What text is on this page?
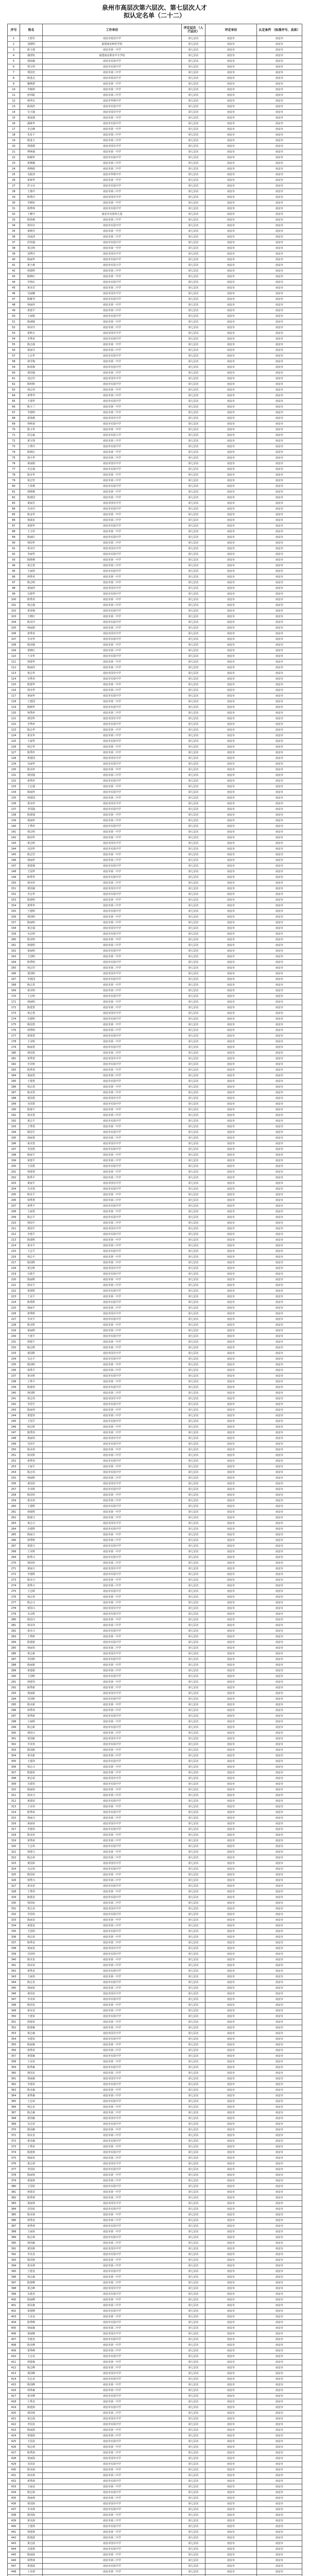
泉州市高层次第六层次、第七层次人才
拟认定名单（二十二）
序号	姓名	工作单位	评定层次 （人才层次）	评定单位	认定条件 （标准序号、具体）
1	王煌军	南安市霞美中学	第七层次	南安市	南安市
2	刘德明	福建南安师范学校	第七层次	南安市	南安市
3	陈文瑞	南安市第一中学	第七层次	南安市	南安市
4	潘清钦	福建南安职业中专学校	第七层次	南安市	南安市
5	郭雨森	南安市实验中学	第七层次	南安市	南安市
6	郑文仲	南安市实验中学	第七层次	南安市	南安市
7	郑国光	南安市第三中学	第七层次	南安市	南安市
8	陈进志	南安市霞美中学	第七层次	南安市	南安市
9	戴燕群	南安市第一中学	第七层次	南安市	南安市
10	李佩琪	南安市第二中学	第七层次	南安市	南安市
11	唐伟聪	南安市第三中学	第七层次	南安市	南安市
12	杨华忠	南安市华侨中学	第七层次	南安市	南安市
13	陈海洪	南安市实验中学	第七层次	南安市	南安市
14	吴玉瑜	南安市国专中学	第七层次	南安市	南安市
15	黄庭瑞	南安市第一中学	第七层次	南安市	南安市
16	潘素华	南安市实验中学	第七层次	南安市	南安市
17	李志峰	南安市第一中学	第七层次	南安市	南安市
18	朱星平	南安市第三中学	第七层次	南安市	南安市
19	陈进玉	南安市第三中学	第七层次	南安市	南安市
20	郑建德	南安市国专中学	第七层次	南安市	南安市
21	傅素瑜	南安市第一中学	第七层次	南安市	南安市
22	陈佩华	南安市实验中学	第七层次	南安市	南安市
23	黄燕娥	南安市第三中学	第七层次	南安市	南安市
24	林梅娟	南安市第二中学	第七层次	南安市	南安市
25	吴振清	南安市华侨中学	第七层次	南安市	南安市
26	黄素华	南安市第一中学	第七层次	南安市	南安市
27	洪文亮	南安市实验中学	第七层次	南安市	南安市
28	王惠玲	南安市第三中学	第七层次	南安市	南安市
29	陈秀玲	南安市国专中学	第七层次	南安市	南安市
30	李婉如	南安市第一中学	第七层次	南安市	南安市
31	杨秀珠	南安市实验中学	第七层次	南安市	南安市
32	王雅玲	南安市实验幼儿园	第七层次	南安市	南安市
33	陈海燕	南安市第三中学	第七层次	南安市	南安市
34	林佳仪	南安市实验中学	第七层次	南安市	南安市
35	黄晓丹	南安市第一中学	第七层次	南安市	南安市
36	苏丽清	南安市第二中学	第七层次	南安市	南安市
37	洪伟强	南安市实验中学	第七层次	南安市	南安市
38	黄志明	南安市第一中学	第七层次	南安市	南安市
39	刘秀玲	南安市国专中学	第七层次	南安市	南安市
40	陈丽华	南安市实验中学	第七层次	南安市	南安市
41	黄小燕	南安市实验小学	第七层次	南安市	南安市
42	林建辉	南安市第三中学	第七层次	南安市	南安市
43	陈晓红	南安市第一中学	第七层次	南安市	南安市
44	李艳红	南安市实验中学	第七层次	南安市	南安市
45	黄美芳	南安市第二中学	第七层次	南安市	南安市
46	吴丽娜	南安市国专中学	第七层次	南安市	南安市
47	陈雅琴	南安市实验中学	第七层次	南安市	南安市
48	林丽萍	南安市第一中学	第七层次	南安市	南安市
49	黄建平	南安市第三中学	第七层次	南安市	南安市
50	王丽娟	南安市实验中学	第七层次	南安市	南安市
51	陈淑敏	南安市第一中学	第七层次	南安市	南安市
52	林美玲	南安市第二中学	第七层次	南安市	南安市
53	黄秋月	南安市国专中学	第七层次	南安市	南安市
54	李秀英	南安市实验中学	第七层次	南安市	南安市
55	陈志强	南安市第一中学	第七层次	南安市	南安市
56	黄丽芬	南安市第三中学	第七层次	南安市	南安市
57	王志华	南安市实验中学	第七层次	南安市	南安市
58	林雪梅	南安市第一中学	第七层次	南安市	南安市
59	陈春梅	南安市实验中学	第七层次	南安市	南安市
60	黄国强	南安市第二中学	第七层次	南安市	南安市
61	刘志坚	南安市国专中学	第七层次	南安市	南安市
62	陈明辉	南安市实验中学	第七层次	南安市	南安市
63	林志伟	南安市第一中学	第七层次	南安市	南安市
64	黄秀琴	南安市第三中学	第七层次	南安市	南安市
65	王建华	南安市实验中学	第七层次	南安市	南安市
66	陈玉兰	南安市第一中学	第七层次	南安市	南安市
67	李建明	南安市第二中学	第七层次	南安市	南安市
68	黄海燕	南安市国专中学	第七层次	南安市	南安市
69	林秋菊	南安市实验中学	第七层次	南安市	南安市
70	陈文华	南安市第一中学	第七层次	南安市	南安市
71	洪志斌	南安市实验小学	第七层次	南安市	南安市
72	黄宝珠	南安市第三中学	第七层次	南安市	南安市
73	王秀玲	南安市实验中学	第七层次	南安市	南安市
74	陈秋红	南安市第一中学	第七层次	南安市	南安市
75	林少华	南安市第二中学	第七层次	南安市	南安市
76	黄丽娟	南安市国专中学	第七层次	南安市	南安市
77	李志强	南安市实验中学	第七层次	南安市	南安市
78	陈美华	南安市第一中学	第七层次	南安市	南安市
79	黄志坚	南安市第三中学	第七层次	南安市	南安市
80	王春燕	南安市实验中学	第七层次	南安市	南安市
81	林晓燕	南安市第一中学	第七层次	南安市	南安市
82	陈建国	南安市第二中学	第七层次	南安市	南安市
83	黄丽芳	南安市国专中学	第七层次	南安市	南安市
84	吴美玲	南安市实验中学	第七层次	南安市	南安市
85	陈金华	南安市第一中学	第七层次	南安市	南安市
86	林淑贞	南安市第三中学	第七层次	南安市	南安市
87	黄建华	南安市实验中学	第七层次	南安市	南安市
88	王玉珍	南安市第一中学	第七层次	南安市	南安市
89	陈丽红	南安市实验中学	第七层次	南安市	南安市
90	林国华	南安市第二中学	第七层次	南安市	南安市
91	黄美玲	南安市国专中学	第七层次	南安市	南安市
92	李丽华	南安市实验中学	第七层次	南安市	南安市
93	陈晓燕	南安市第一中学	第七层次	南安市	南安市
94	黄志勇	南安市第三中学	第七层次	南安市	南安市
95	王丽萍	南安市实验中学	第七层次	南安市	南安市
96	林秀英	南安市第一中学	第七层次	南安市	南安市
97	陈志明	南安市第二中学	第七层次	南安市	南安市
98	黄丽萍	南安市国专中学	第七层次	南安市	南安市
99	吴建华	南安市实验中学	第七层次	南安市	南安市
100	陈秀英	南安市第一中学	第七层次	南安市	南安市
101	林志强	南安市第三中学	第七层次	南安市	南安市
102	黄春梅	南安市实验中学	第七层次	南安市	南安市
103	王晓红	南安市第一中学	第七层次	南安市	南安市
104	陈美玲	南安市实验中学	第七层次	南安市	南安市
105	林丽娟	南安市第二中学	第七层次	南安市	南安市
106	黄秀英	南安市国专中学	第七层次	南安市	南安市
107	李美华	南安市实验中学	第七层次	南安市	南安市
108	陈国强	南安市第一中学	第七层次	南安市	南安市
109	黄晓红	南安市第三中学	第七层次	南安市	南安市
110	王美华	南安市实验中学	第七层次	南安市	南安市
111	林建华	南安市第一中学	第七层次	南安市	南安市
112	陈丽萍	南安市第二中学	第七层次	南安市	南安市
113	黄志华	南安市国专中学	第七层次	南安市	南安市
114	吴秀英	南安市实验中学	第七层次	南安市	南安市
115	陈建华	南安市第一中学	第七层次	南安市	南安市
116	林美华	南安市第三中学	第七层次	南安市	南安市
117	黄丽华	南安市实验中学	第七层次	南安市	南安市
118	王建国	南安市第一中学	第七层次	南安市	南安市
119	陈晓华	南安市实验中学	第七层次	南安市	南安市
120	林秀珍	南安市第二中学	第七层次	南安市	南安市
121	黄国华	南安市国专中学	第七层次	南安市	南安市
122	李秀珍	南安市实验中学	第七层次	南安市	南安市
123	陈志华	南安市第一中学	第七层次	南安市	南安市
124	黄美华	南安市第三中学	第七层次	南安市	南安市
125	王丽华	南安市实验中学	第七层次	南安市	南安市
126	林志华	南安市第一中学	第七层次	南安市	南安市
127	陈秀珍	南安市第二中学	第七层次	南安市	南安市
128	黄建国	南安市国专中学	第七层次	南安市	南安市
129	吴丽华	南安市实验中学	第七层次	南安市	南安市
130	陈美珍	南安市第一中学	第七层次	南安市	南安市
131	林国强	南安市第三中学	第七层次	南安市	南安市
132	黄秀珍	南安市实验中学	第七层次	南安市	南安市
133	王志强	南安市第一中学	第七层次	南安市	南安市
134	陈丽珍	南安市实验中学	第七层次	南安市	南安市
135	林建国	南安市第二中学	第七层次	南安市	南安市
136	黄美珍	南安市国专中学	第七层次	南安市	南安市
137	李国强	南安市实验中学	第七层次	南安市	南安市
138	陈建强	南安市第一中学	第七层次	南安市	南安市
139	黄丽珍	南安市第三中学	第七层次	南安市	南安市
140	王秀珍	南安市实验中学	第七层次	南安市	南安市
141	林志明	南安市第一中学	第七层次	南安市	南安市
142	陈国华	南安市第二中学	第七层次	南安市	南安市
143	黄志明	南安市国专中学	第七层次	南安市	南安市
144	吴国华	南安市实验中学	第七层次	南安市	南安市
145	陈志坚	南安市第一中学	第七层次	南安市	南安市
146	林丽珍	南安市第三中学	第七层次	南安市	南安市
147	黄建强	南安市实验中学	第七层次	南安市	南安市
148	王国华	南安市第一中学	第七层次	南安市	南安市
149	陈秀华	南安市实验中学	第七层次	南安市	南安市
150	林美珍	南安市第二中学	第七层次	南安市	南安市
151	黄国强	南安市国专中学	第七层次	南安市	南安市
152	李志华	南安市实验中学	第七层次	南安市	南安市
153	陈建明	南安市第一中学	第七层次	南安市	南安市
154	黄秀华	南安市第三中学	第七层次	南安市	南安市
155	王建明	南安市实验中学	第七层次	南安市	南安市
156	林国明	南安市第一中学	第七层次	南安市	南安市
157	陈丽明	南安市第二中学	第七层次	南安市	南安市
158	黄志强	南安市国专中学	第七层次	南安市	南安市
159	吴志明	南安市实验中学	第七层次	南安市	南安市
160	陈美明	南安市第一中学	第七层次	南安市	南安市
161	林建明	南安市第三中学	第七层次	南安市	南安市
162	黄丽明	南安市实验中学	第七层次	南安市	南安市
163	王国明	南安市第一中学	第七层次	南安市	南安市
164	陈秀明	南安市实验中学	第七层次	南安市	南安市
165	林志坚	南安市第二中学	第七层次	南安市	南安市
166	黄国明	南安市国专中学	第七层次	南安市	南安市
167	李建国	南安市实验中学	第七层次	南安市	南安市
168	陈志勇	南安市第一中学	第七层次	南安市	南安市
169	黄美明	南安市第三中学	第七层次	南安市	南安市
170	王志明	南安市实验中学	第七层次	南安市	南安市
171	林丽明	南安市第一中学	第七层次	南安市	南安市
172	陈建勇	南安市第二中学	第七层次	南安市	南安市
173	黄志勇	南安市国专中学	第七层次	南安市	南安市
174	吴建明	南安市实验中学	第七层次	南安市	南安市
175	陈国勇	南安市第一中学	第七层次	南安市	南安市
176	林秀明	南安市第三中学	第七层次	南安市	南安市
177	黄建勇	南安市实验中学	第七层次	南安市	南安市
178	王美明	南安市第一中学	第七层次	南安市	南安市
179	陈丽勇	南安市实验中学	第七层次	南安市	南安市
180	林国勇	南安市第二中学	第七层次	南安市	南安市
181	黄秀勇	南安市国专中学	第七层次	南安市	南安市
182	李美明	南安市实验中学	第七层次	南安市	南安市
183	陈秀勇	南安市第一中学	第七层次	南安市	南安市
184	黄丽勇	南安市第三中学	第七层次	南安市	南安市
185	王建勇	南安市实验中学	第七层次	南安市	南安市
186	林志勇	南安市第一中学	第七层次	南安市	南安市
187	陈美勇	南安市第二中学	第七层次	南安市	南安市
188	黄国勇	南安市国专中学	第七层次	南安市	南安市
189	吴国勇	南安市实验中学	第七层次	南安市	南安市
190	陈建平	南安市第一中学	第七层次	南安市	南安市
191	林美勇	南安市第三中学	第七层次	南安市	南安市
192	黄志平	南安市实验中学	第七层次	南安市	南安市
193	王秀勇	南安市第一中学	第七层次	南安市	南安市
194	陈国平	南安市实验中学	第七层次	南安市	南安市
195	林丽勇	南安市第二中学	第七层次	南安市	南安市
196	黄美勇	南安市国专中学	第七层次	南安市	南安市
197	李国勇	南安市实验中学	第七层次	南安市	南安市
198	陈丽平	南安市第一中学	第七层次	南安市	南安市
199	黄建平	南安市第三中学	第七层次	南安市	南安市
200	王国勇	南安市实验中学	第七层次	南安市	南安市
201	林建勇	南安市第一中学	第七层次	南安市	南安市
202	陈秀平	南安市第二中学	第七层次	南安市	南安市
203	黄丽平	南安市国专中学	第七层次	南安市	南安市
204	吴美勇	南安市实验中学	第七层次	南安市	南安市
205	陈美平	南安市第一中学	第七层次	南安市	南安市
206	林秀勇	南安市第三中学	第七层次	南安市	南安市
207	黄秀平	南安市实验中学	第七层次	南安市	南安市
208	王丽勇	南安市第一中学	第七层次	南安市	南安市
209	陈志平	南安市实验中学	第七层次	南安市	南安市
210	林国平	南安市第二中学	第七层次	南安市	南安市
211	黄国平	南安市国专中学	第七层次	南安市	南安市
212	李建平	南安市实验中学	第七层次	南安市	南安市
213	陈建辉	南安市第一中学	第七层次	南安市	南安市
214	黄美平	南安市第三中学	第七层次	南安市	南安市
215	王志平	南安市实验中学	第七层次	南安市	南安市
216	林志平	南安市第一中学	第七层次	南安市	南安市
217	陈国辉	南安市第二中学	第七层次	南安市	南安市
218	黄志辉	南安市国专中学	第七层次	南安市	南安市
219	吴建平	南安市实验中学	第七层次	南安市	南安市
220	陈丽辉	南安市第一中学	第七层次	南安市	南安市
221	林美平	南安市第三中学	第七层次	南安市	南安市
222	黄建辉	南安市实验中学	第七层次	南安市	南安市
223	王美平	南安市第一中学	第七层次	南安市	南安市
224	陈秀辉	南安市实验中学	第七层次	南安市	南安市
225	林丽平	南安市第二中学	第七层次	南安市	南安市
226	黄秀辉	南安市国专中学	第七层次	南安市	南安市
227	李美平	南安市实验中学	第七层次	南安市	南安市
228	陈美辉	南安市第一中学	第七层次	南安市	南安市
229	黄丽辉	南安市第三中学	第七层次	南安市	南安市
230	王建平	南安市实验中学	第七层次	南安市	南安市
231	林建平	南安市第一中学	第七层次	南安市	南安市
232	陈志辉	南安市第二中学	第七层次	南安市	南安市
233	黄国辉	南安市国专中学	第七层次	南安市	南安市
234	吴志平	南安市实验中学	第七层次	南安市	南安市
235	陈国明	南安市第一中学	第七层次	南安市	南安市
236	林秀平	南安市第三中学	第七层次	南安市	南安市
237	黄美辉	南安市实验中学	第七层次	南安市	南安市
238	王秀平	南安市第一中学	第七层次	南安市	南安市
239	陈建伟	南安市实验中学	第七层次	南安市	南安市
240	林国辉	南安市第二中学	第七层次	南安市	南安市
241	黄志伟	南安市国专中学	第七层次	南安市	南安市
242	李国平	南安市实验中学	第七层次	南安市	南安市
243	陈丽伟	南安市第一中学	第七层次	南安市	南安市
244	黄建伟	南安市第三中学	第七层次	南安市	南安市
245	王国平	南安市实验中学	第七层次	南安市	南安市
246	林志辉	南安市第一中学	第七层次	南安市	南安市
247	陈秀伟	南安市第二中学	第七层次	南安市	南安市
248	黄丽伟	南安市国专中学	第七层次	南安市	南安市
249	吴国平	南安市实验中学	第七层次	南安市	南安市
250	陈美伟	南安市第一中学	第七层次	南安市	南安市
251	林美辉	南安市第三中学	第七层次	南安市	南安市
252	黄秀伟	南安市实验中学	第七层次	南安市	南安市
253	王丽平	南安市第一中学	第七层次	南安市	南安市
254	陈志伟	南安市实验中学	第七层次	南安市	南安市
255	林丽辉	南安市第二中学	第七层次	南安市	南安市
256	黄国伟	南安市国专中学	第七层次	南安市	南安市
257	李美辉	南安市实验中学	第七层次	南安市	南安市
258	陈国伟	南安市第一中学	第七层次	南安市	南安市
259	黄美伟	南安市第三中学	第七层次	南安市	南安市
260	王建辉	南安市实验中学	第七层次	南安市	南安市
261	林建辉	南安市第一中学	第七层次	南安市	南安市
262	陈建兴	南安市第二中学	第七层次	南安市	南安市
263	黄志兴	南安市国专中学	第七层次	南安市	南安市
264	吴建辉	南安市实验中学	第七层次	南安市	南安市
265	陈丽兴	南安市第一中学	第七层次	南安市	南安市
266	林秀辉	南安市第三中学	第七层次	南安市	南安市
267	黄建兴	南安市实验中学	第七层次	南安市	南安市
268	王美辉	南安市第一中学	第七层次	南安市	南安市
269	陈秀兴	南安市实验中学	第七层次	南安市	南安市
270	林国伟	南安市第二中学	第七层次	南安市	南安市
271	黄丽兴	南安市国专中学	第七层次	南安市	南安市
272	李建辉	南安市实验中学	第七层次	南安市	南安市
273	陈美兴	南安市第一中学	第七层次	南安市	南安市
274	黄秀兴	南安市第三中学	第七层次	南安市	南安市
275	王志辉	南安市实验中学	第七层次	南安市	南安市
276	林志伟	南安市第一中学	第七层次	南安市	南安市
277	陈志兴	南安市第二中学	第七层次	南安市	南安市
278	黄国兴	南安市国专中学	第七层次	南安市	南安市
279	吴志辉	南安市实验中学	第七层次	南安市	南安市
280	陈国兴	南安市第一中学	第七层次	南安市	南安市
281	林美伟	南安市第三中学	第七层次	南安市	南安市
282	黄美兴	南安市实验中学	第七层次	南安市	南安市
283	王秀辉	南安市第一中学	第七层次	南安市	南安市
284	陈建新	南安市实验中学	第七层次	南安市	南安市
285	林丽伟	南安市第二中学	第七层次	南安市	南安市
286	黄志新	南安市国专中学	第七层次	南安市	南安市
287	李国辉	南安市实验中学	第七层次	南安市	南安市
288	陈丽新	南安市第一中学	第七层次	南安市	南安市
289	黄建新	南安市第三中学	第七层次	南安市	南安市
290	王国辉	南安市实验中学	第七层次	南安市	南安市
291	林建伟	南安市第一中学	第七层次	南安市	南安市
292	陈秀新	南安市第二中学	第七层次	南安市	南安市
293	黄丽新	南安市国专中学	第七层次	南安市	南安市
294	吴国辉	南安市实验中学	第七层次	南安市	南安市
295	陈美新	南安市第一中学	第七层次	南安市	南安市
296	林秀伟	南安市第三中学	第七层次	南安市	南安市
297	黄秀新	南安市实验中学	第七层次	南安市	南安市
298	王丽辉	南安市第一中学	第七层次	南安市	南安市
299	陈志新	南安市实验中学	第七层次	南安市	南安市
300	林国兴	南安市第二中学	第七层次	南安市	南安市
301	黄国新	南安市国专中学	第七层次	南安市	南安市
302	李美伟	南安市实验中学	第七层次	南安市	南安市
303	陈国新	南安市第一中学	第七层次	南安市	南安市
304	黄美新	南安市第三中学	第七层次	南安市	南安市
305	王建伟	南安市实验中学	第七层次	南安市	南安市
306	林志兴	南安市第一中学	第七层次	南安市	南安市
307	陈建荣	南安市第二中学	第七层次	南安市	南安市
308	黄志荣	南安市国专中学	第七层次	南安市	南安市
309	吴建伟	南安市实验中学	第七层次	南安市	南安市
310	陈丽荣	南安市第一中学	第七层次	南安市	南安市
311	林美兴	南安市第三中学	第七层次	南安市	南安市
312	黄建荣	南安市实验中学	第七层次	南安市	南安市
313	王美伟	南安市第一中学	第七层次	南安市	南安市
314	陈秀荣	南安市实验中学	第七层次	南安市	南安市
315	林丽兴	南安市第二中学	第七层次	南安市	南安市
316	黄丽荣	南安市国专中学	第七层次	南安市	南安市
317	李建伟	南安市实验中学	第七层次	南安市	南安市
318	陈美荣	南安市第一中学	第七层次	南安市	南安市
319	黄秀荣	南安市第三中学	第七层次	南安市	南安市
320	王志伟	南安市实验中学	第七层次	南安市	南安市
321	林建兴	南安市第一中学	第七层次	南安市	南安市
322	陈志荣	南安市第二中学	第七层次	南安市	南安市
323	黄国荣	南安市国专中学	第七层次	南安市	南安市
324	吴志伟	南安市实验中学	第七层次	南安市	南安市
325	陈国荣	南安市第一中学	第七层次	南安市	南安市
326	林秀兴	南安市第三中学	第七层次	南安市	南安市
327	黄美荣	南安市实验中学	第七层次	南安市	南安市
328	王秀伟	南安市第一中学	第七层次	南安市	南安市
329	陈建龙	南安市实验中学	第七层次	南安市	南安市
330	林国荣	南安市第二中学	第七层次	南安市	南安市
331	黄志龙	南安市国专中学	第七层次	南安市	南安市
332	李国伟	南安市实验中学	第七层次	南安市	南安市
333	陈丽龙	南安市第一中学	第七层次	南安市	南安市
334	黄建龙	南安市第三中学	第七层次	南安市	南安市
335	王国伟	南安市实验中学	第七层次	南安市	南安市
336	林志荣	南安市第一中学	第七层次	南安市	南安市
337	陈秀龙	南安市第二中学	第七层次	南安市	南安市
338	黄丽龙	南安市国专中学	第七层次	南安市	南安市
339	吴国伟	南安市实验中学	第七层次	南安市	南安市
340	陈美龙	南安市第一中学	第七层次	南安市	南安市
341	林美荣	南安市第三中学	第七层次	南安市	南安市
342	黄秀龙	南安市实验中学	第七层次	南安市	南安市
343	王丽伟	南安市第一中学	第七层次	南安市	南安市
344	陈志龙	南安市实验中学	第七层次	南安市	南安市
345	林丽荣	南安市第二中学	第七层次	南安市	南安市
346	黄国龙	南安市国专中学	第七层次	南安市	南安市
347	李美荣	南安市实验中学	第七层次	南安市	南安市
348	陈国龙	南安市第一中学	第七层次	南安市	南安市
349	黄美龙	南安市第三中学	第七层次	南安市	南安市
350	王建荣	南安市实验中学	第七层次	南安市	南安市
351	林建荣	南安市第一中学	第七层次	南安市	南安市
352	陈建森	南安市第二中学	第七层次	南安市	南安市
353	黄志森	南安市国专中学	第七层次	南安市	南安市
354	吴建荣	南安市实验中学	第七层次	南安市	南安市
355	陈丽森	南安市第一中学	第七层次	南安市	南安市
356	林秀荣	南安市第三中学	第七层次	南安市	南安市
357	黄建森	南安市实验中学	第七层次	南安市	南安市
358	王美荣	南安市第一中学	第七层次	南安市	南安市
359	陈秀森	南安市实验中学	第七层次	南安市	南安市
360	林国龙	南安市第二中学	第七层次	南安市	南安市
361	黄丽森	南安市国专中学	第七层次	南安市	南安市
362	李建荣	南安市实验中学	第七层次	南安市	南安市
363	陈美森	南安市第一中学	第七层次	南安市	南安市
364	黄秀森	南安市第三中学	第七层次	南安市	南安市
365	王志荣	南安市实验中学	第七层次	南安市	南安市
366	林志龙	南安市第一中学	第七层次	南安市	南安市
367	陈志森	南安市第二中学	第七层次	南安市	南安市
368	黄国森	南安市国专中学	第七层次	南安市	南安市
369	吴志荣	南安市实验中学	第七层次	南安市	南安市
370	陈国森	南安市第一中学	第七层次	南安市	南安市
371	林美龙	南安市第三中学	第七层次	南安市	南安市
372	黄美森	南安市实验中学	第七层次	南安市	南安市
373	王秀荣	南安市第一中学	第七层次	南安市	南安市
374	陈建林	南安市实验中学	第七层次	南安市	南安市
375	林丽龙	南安市第二中学	第七层次	南安市	南安市
376	黄志林	南安市国专中学	第七层次	南安市	南安市
377	李国荣	南安市实验中学	第七层次	南安市	南安市
378	陈丽林	南安市第一中学	第七层次	南安市	南安市
379	黄建林	南安市第三中学	第七层次	南安市	南安市
380	王国荣	南安市实验中学	第七层次	南安市	南安市
381	林建龙	南安市第一中学	第七层次	南安市	南安市
382	陈秀林	南安市第二中学	第七层次	南安市	南安市
383	黄丽林	南安市国专中学	第七层次	南安市	南安市
384	吴国荣	南安市实验中学	第七层次	南安市	南安市
385	陈美林	南安市第一中学	第七层次	南安市	南安市
386	林秀龙	南安市第三中学	第七层次	南安市	南安市
387	黄秀林	南安市实验中学	第七层次	南安市	南安市
388	王丽荣	南安市第一中学	第七层次	南安市	南安市
389	陈志林	南安市实验中学	第七层次	南安市	南安市
390	林国森	南安市第二中学	第七层次	南安市	南安市
391	黄国林	南安市国专中学	第七层次	南安市	南安市
392	李美龙	南安市实验中学	第七层次	南安市	南安市
393	陈国林	南安市第一中学	第七层次	南安市	南安市
394	黄美林	南安市第三中学	第七层次	南安市	南安市
395	王建龙	南安市实验中学	第七层次	南安市	南安市
396	林志森	南安市第一中学	第七层次	南安市	南安市
397	陈建峰	南安市第二中学	第七层次	南安市	南安市
398	黄志峰	南安市国专中学	第七层次	南安市	南安市
399	吴建龙	南安市实验中学	第七层次	南安市	南安市
400	陈丽峰	南安市第一中学	第七层次	南安市	南安市
401	林美森	南安市第三中学	第七层次	南安市	南安市
402	黄建峰	南安市实验中学	第七层次	南安市	南安市
403	王美龙	南安市第一中学	第七层次	南安市	南安市
404	陈秀峰	南安市实验中学	第七层次	南安市	南安市
405	林丽森	南安市第二中学	第七层次	南安市	南安市
406	黄丽峰	南安市国专中学	第七层次	南安市	南安市
407	李建龙	南安市实验中学	第七层次	南安市	南安市
408	陈美峰	南安市第一中学	第七层次	南安市	南安市
409	黄秀峰	南安市第三中学	第七层次	南安市	南安市
410	王志龙	南安市实验中学	第七层次	南安市	南安市
411	林建森	南安市第一中学	第七层次	南安市	南安市
412	陈志峰	南安市第二中学	第七层次	南安市	南安市
413	黄国峰	南安市国专中学	第七层次	南安市	南安市
414	吴志龙	南安市实验中学	第七层次	南安市	南安市
415	陈国峰	南安市第一中学	第七层次	南安市	南安市
416	林秀森	南安市第三中学	第七层次	南安市	南安市
417	黄美峰	南安市实验中学	第七层次	南安市	南安市
418	王秀龙	南安市第一中学	第七层次	南安市	南安市
419	陈建海	南安市实验中学	第七层次	南安市	南安市
420	林国林	南安市第二中学	第七层次	南安市	南安市
421	黄志海	南安市国专中学	第七层次	南安市	南安市
422	李国龙	南安市实验中学	第七层次	南安市	南安市
423	陈丽海	南安市第一中学	第七层次	南安市	南安市
424	黄建海	南安市第三中学	第七层次	南安市	南安市
425	王国龙	南安市实验中学	第七层次	南安市	南安市
426	林志林	南安市第一中学	第七层次	南安市	南安市
427	陈秀海	南安市第二中学	第七层次	南安市	南安市
428	黄丽海	南安市国专中学	第七层次	南安市	南安市
429	吴国龙	南安市实验中学	第七层次	南安市	南安市
430	陈美海	南安市第一中学	第七层次	南安市	南安市
431	林美林	南安市第三中学	第七层次	南安市	南安市
432	黄秀海	南安市实验中学	第七层次	南安市	南安市
433	王丽龙	南安市第一中学	第七层次	南安市	南安市
434	陈志海	南安市实验中学	第七层次	南安市	南安市
435	林丽林	南安市第二中学	第七层次	南安市	南安市
436	黄国海	南安市国专中学	第七层次	南安市	南安市
437	李美林	南安市实验中学	第七层次	南安市	南安市
438	陈国海	南安市第一中学	第七层次	南安市	南安市
439	黄美海	南安市第三中学	第七层次	南安市	南安市
440	王建林	南安市实验中学	第七层次	南安市	南安市
441	林建林	南安市第一中学	第七层次	南安市	南安市
442	陈建波	南安市第二中学	第七层次	南安市	南安市
443	黄志波	南安市国专中学	第七层次	南安市	南安市
444	吴建林	南安市实验中学	第七层次	南安市	南安市
445	陈丽波	南安市第一中学	第七层次	南安市	南安市
446	林秀林	南安市第三中学	第七层次	南安市	南安市
447	黄建波	南安市实验中学	第七层次	南安市	南安市
448	王美林	南安市第一中学	第七层次	南安市	南安市
